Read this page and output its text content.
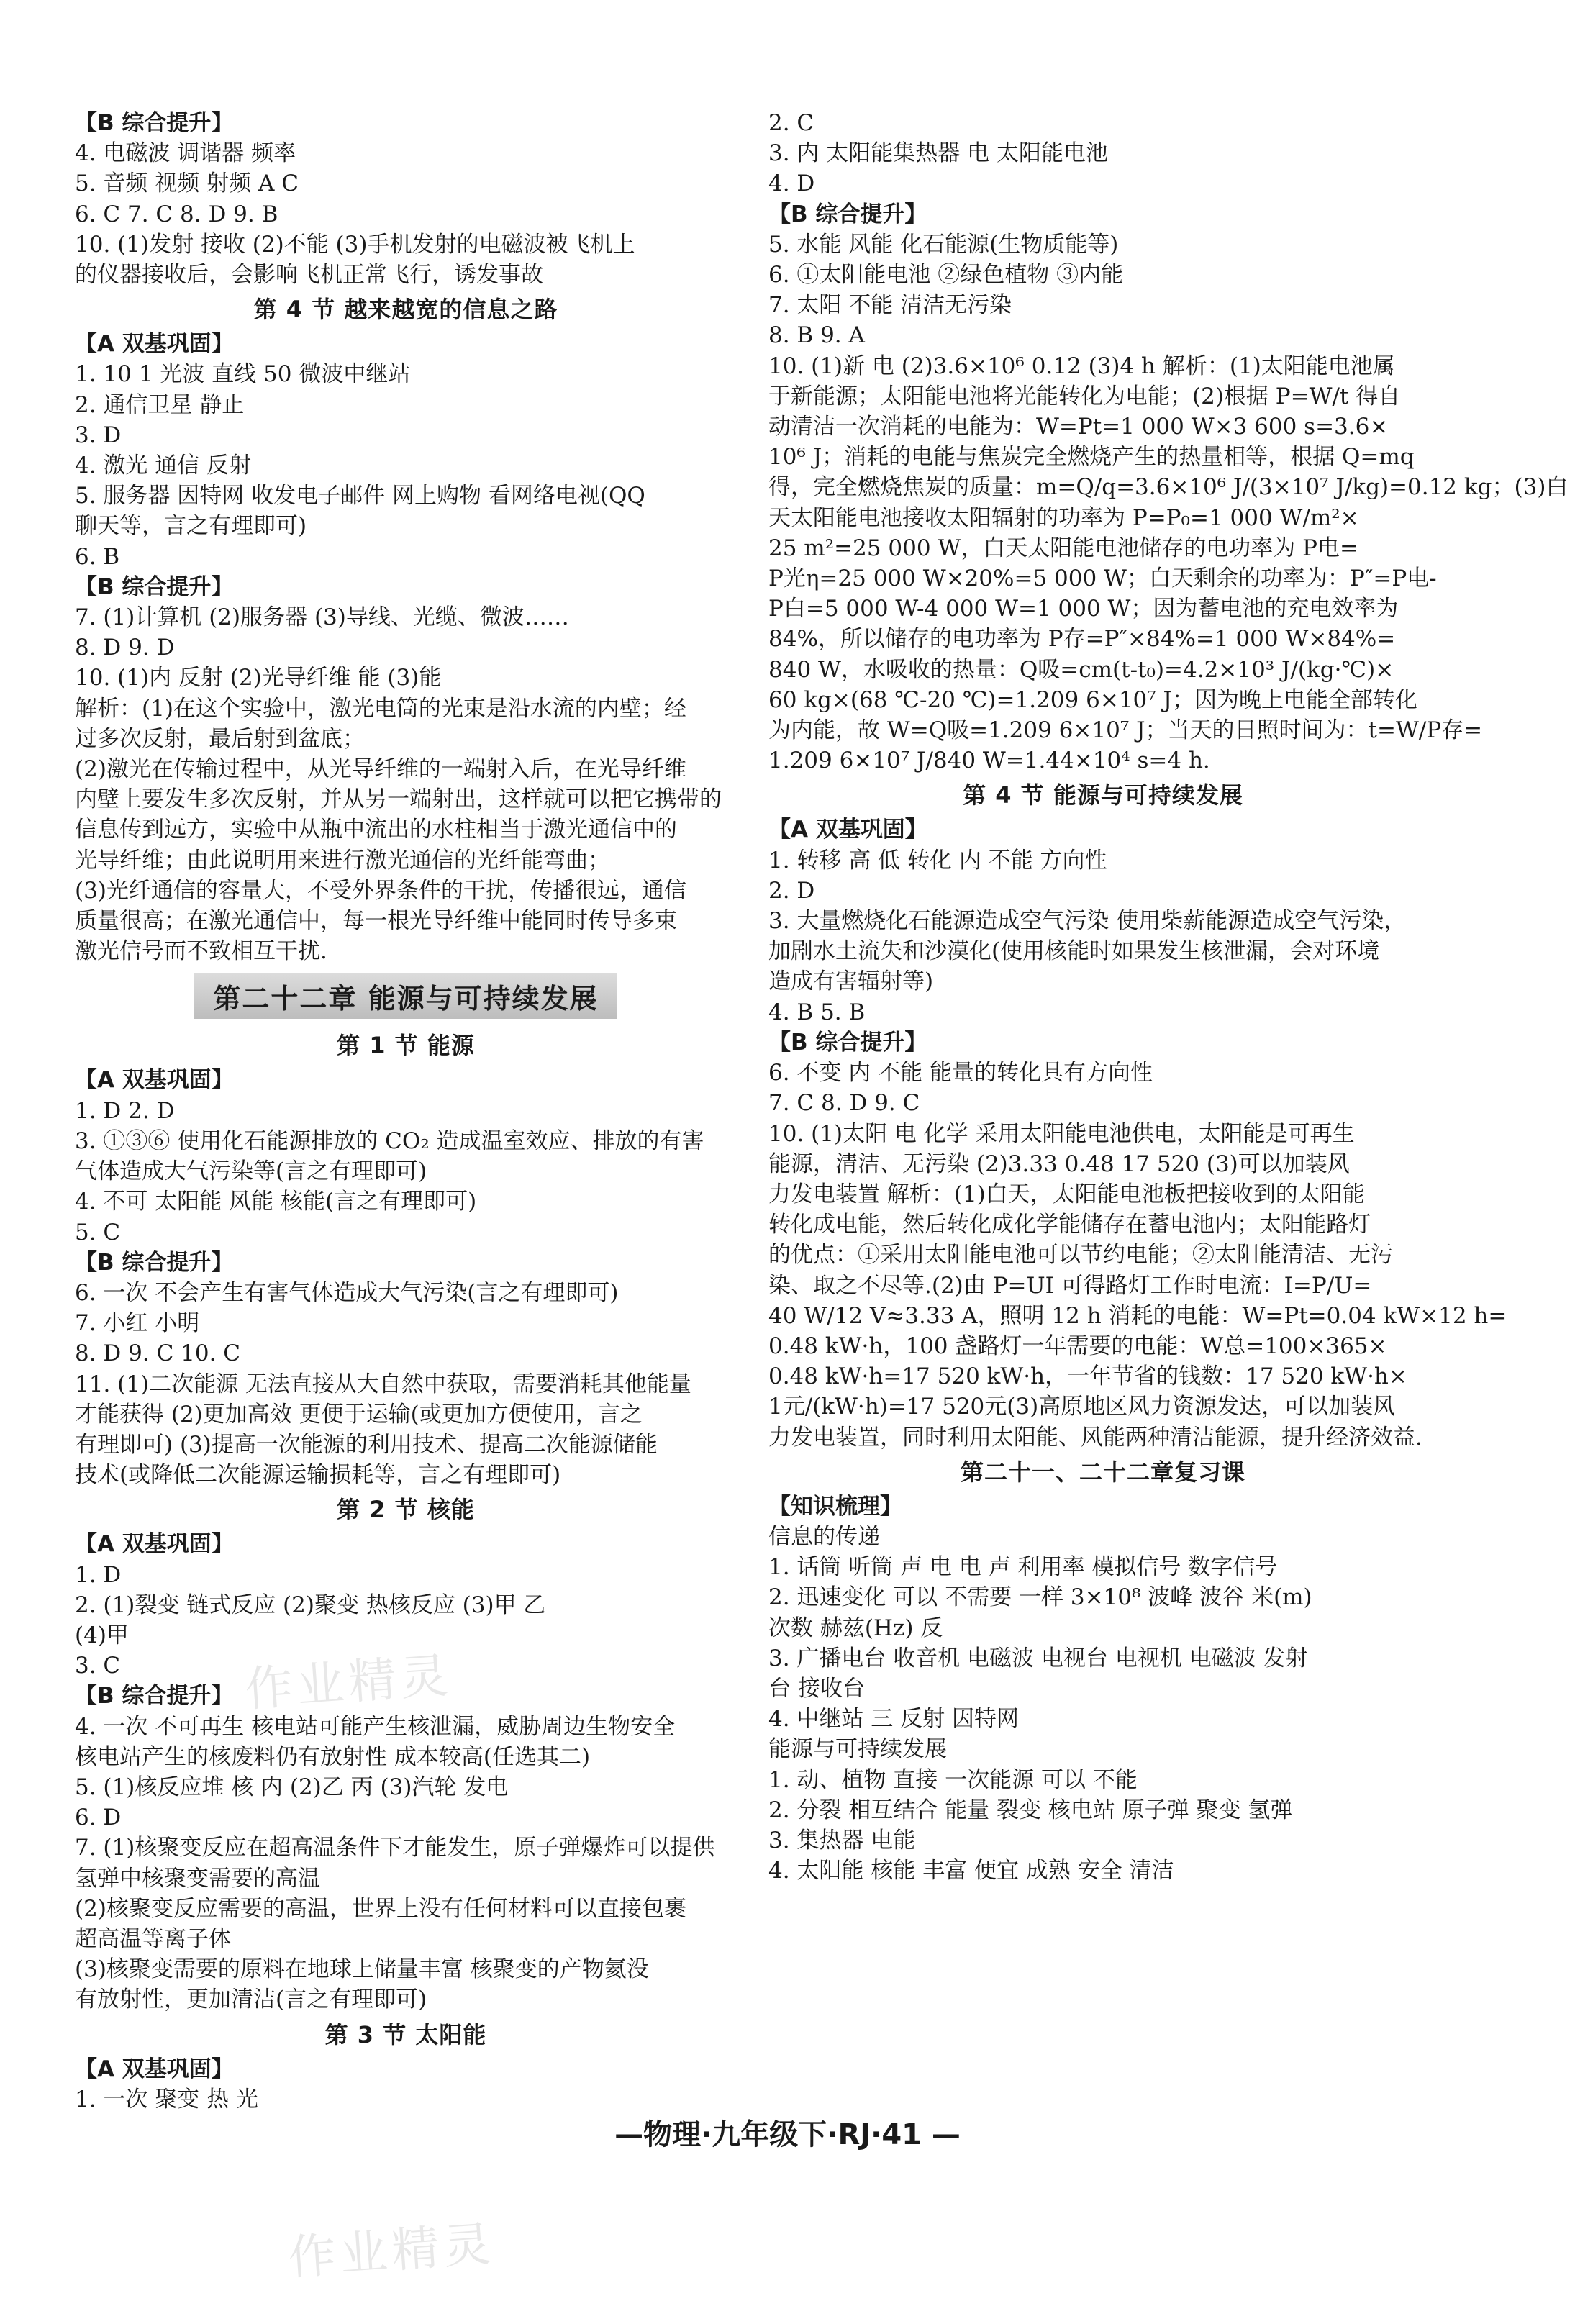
【B 综合提升】
4. 电磁波 调谐器 频率
5. 音频 视频 射频 A C
6. C 7. C 8. D 9. B
10. (1)发射 接收 (2)不能 (3)手机发射的电磁波被飞机上
的仪器接收后，会影响飞机正常飞行，诱发事故
第 4 节 越来越宽的信息之路
【A 双基巩固】
1. 10 1 光波 直线 50 微波中继站
2. 通信卫星 静止
3. D
4. 激光 通信 反射
5. 服务器 因特网 收发电子邮件 网上购物 看网络电视(QQ
聊天等，言之有理即可)
6. B
【B 综合提升】
7. (1)计算机 (2)服务器 (3)导线、光缆、微波……
8. D 9. D
10. (1)内 反射 (2)光导纤维 能 (3)能
解析：(1)在这个实验中，激光电筒的光束是沿水流的内壁；经
过多次反射，最后射到盆底；
(2)激光在传输过程中，从光导纤维的一端射入后，在光导纤维
内壁上要发生多次反射，并从另一端射出，这样就可以把它携带的
信息传到远方，实验中从瓶中流出的水柱相当于激光通信中的
光导纤维；由此说明用来进行激光通信的光纤能弯曲；
(3)光纤通信的容量大，不受外界条件的干扰，传播很远，通信
质量很高；在激光通信中，每一根光导纤维中能同时传导多束
激光信号而不致相互干扰.
第二十二章 能源与可持续发展
第 1 节 能源
【A 双基巩固】
1. D 2. D
3. ①③⑥ 使用化石能源排放的 CO₂ 造成温室效应、排放的有害
气体造成大气污染等(言之有理即可)
4. 不可 太阳能 风能 核能(言之有理即可)
5. C
【B 综合提升】
6. 一次 不会产生有害气体造成大气污染(言之有理即可)
7. 小红 小明
8. D 9. C 10. C
11. (1)二次能源 无法直接从大自然中获取，需要消耗其他能量
才能获得 (2)更加高效 更便于运输(或更加方便使用，言之
有理即可) (3)提高一次能源的利用技术、提高二次能源储能
技术(或降低二次能源运输损耗等，言之有理即可)
第 2 节 核能
【A 双基巩固】
1. D
2. (1)裂变 链式反应 (2)聚变 热核反应 (3)甲 乙
(4)甲
3. C
【B 综合提升】
4. 一次 不可再生 核电站可能产生核泄漏，威胁周边生物安全
核电站产生的核废料仍有放射性 成本较高(任选其二)
5. (1)核反应堆 核 内 (2)乙 丙 (3)汽轮 发电
6. D
7. (1)核聚变反应在超高温条件下才能发生，原子弹爆炸可以提供
氢弹中核聚变需要的高温
(2)核聚变反应需要的高温，世界上没有任何材料可以直接包裹
超高温等离子体
(3)核聚变需要的原料在地球上储量丰富 核聚变的产物氦没
有放射性，更加清洁(言之有理即可)
第 3 节 太阳能
【A 双基巩固】
1. 一次 聚变 热 光
2. C
3. 内 太阳能集热器 电 太阳能电池
4. D
【B 综合提升】
5. 水能 风能 化石能源(生物质能等)
6. ①太阳能电池 ②绿色植物 ③内能
7. 太阳 不能 清洁无污染
8. B 9. A
10. (1)新 电 (2)3.6×10⁶ 0.12 (3)4 h 解析：(1)太阳能电池属
于新能源；太阳能电池将光能转化为电能；(2)根据 P=W/t 得自
动清洁一次消耗的电能为：W=Pt=1 000 W×3 600 s=3.6×
10⁶ J；消耗的电能与焦炭完全燃烧产生的热量相等，根据 Q=mq
得，完全燃烧焦炭的质量：m=Q/q=3.6×10⁶ J/(3×10⁷ J/kg)=0.12 kg；(3)白
天太阳能电池接收太阳辐射的功率为 P=P₀=1 000 W/m²×
25 m²=25 000 W，白天太阳能电池储存的电功率为 P电=
P光η=25 000 W×20%=5 000 W；白天剩余的功率为：P″=P电-
P白=5 000 W-4 000 W=1 000 W；因为蓄电池的充电效率为
84%，所以储存的电功率为 P存=P″×84%=1 000 W×84%=
840 W，水吸收的热量：Q吸=cm(t-t₀)=4.2×10³ J/(kg·℃)×
60 kg×(68 ℃-20 ℃)=1.209 6×10⁷ J；因为晚上电能全部转化
为内能，故 W=Q吸=1.209 6×10⁷ J；当天的日照时间为：t=W/P存=
1.209 6×10⁷ J/840 W=1.44×10⁴ s=4 h.
第 4 节 能源与可持续发展
【A 双基巩固】
1. 转移 高 低 转化 内 不能 方向性
2. D
3. 大量燃烧化石能源造成空气污染 使用柴薪能源造成空气污染，
加剧水土流失和沙漠化(使用核能时如果发生核泄漏，会对环境
造成有害辐射等)
4. B 5. B
【B 综合提升】
6. 不变 内 不能 能量的转化具有方向性
7. C 8. D 9. C
10. (1)太阳 电 化学 采用太阳能电池供电，太阳能是可再生
能源，清洁、无污染 (2)3.33 0.48 17 520 (3)可以加装风
力发电装置 解析：(1)白天，太阳能电池板把接收到的太阳能
转化成电能，然后转化成化学能储存在蓄电池内；太阳能路灯
的优点：①采用太阳能电池可以节约电能；②太阳能清洁、无污
染、取之不尽等.(2)由 P=UI 可得路灯工作时电流：I=P/U=
40 W/12 V≈3.33 A，照明 12 h 消耗的电能：W=Pt=0.04 kW×12 h=
0.48 kW·h，100 盏路灯一年需要的电能：W总=100×365×
0.48 kW·h=17 520 kW·h，一年节省的钱数：17 520 kW·h×
1元/(kW·h)=17 520元(3)高原地区风力资源发达，可以加装风
力发电装置，同时利用太阳能、风能两种清洁能源，提升经济效益.
第二十一、二十二章复习课
【知识梳理】
信息的传递
1. 话筒 听筒 声 电 电 声 利用率 模拟信号 数字信号
2. 迅速变化 可以 不需要 一样 3×10⁸ 波峰 波谷 米(m)
次数 赫兹(Hz) 反
3. 广播电台 收音机 电磁波 电视台 电视机 电磁波 发射
台 接收台
4. 中继站 三 反射 因特网
能源与可持续发展
1. 动、植物 直接 一次能源 可以 不能
2. 分裂 相互结合 能量 裂变 核电站 原子弹 聚变 氢弹
3. 集热器 电能
4. 太阳能 核能 丰富 便宜 成熟 安全 清洁
作业精灵
作业精灵
—物理·九年级下·RJ·41 —
